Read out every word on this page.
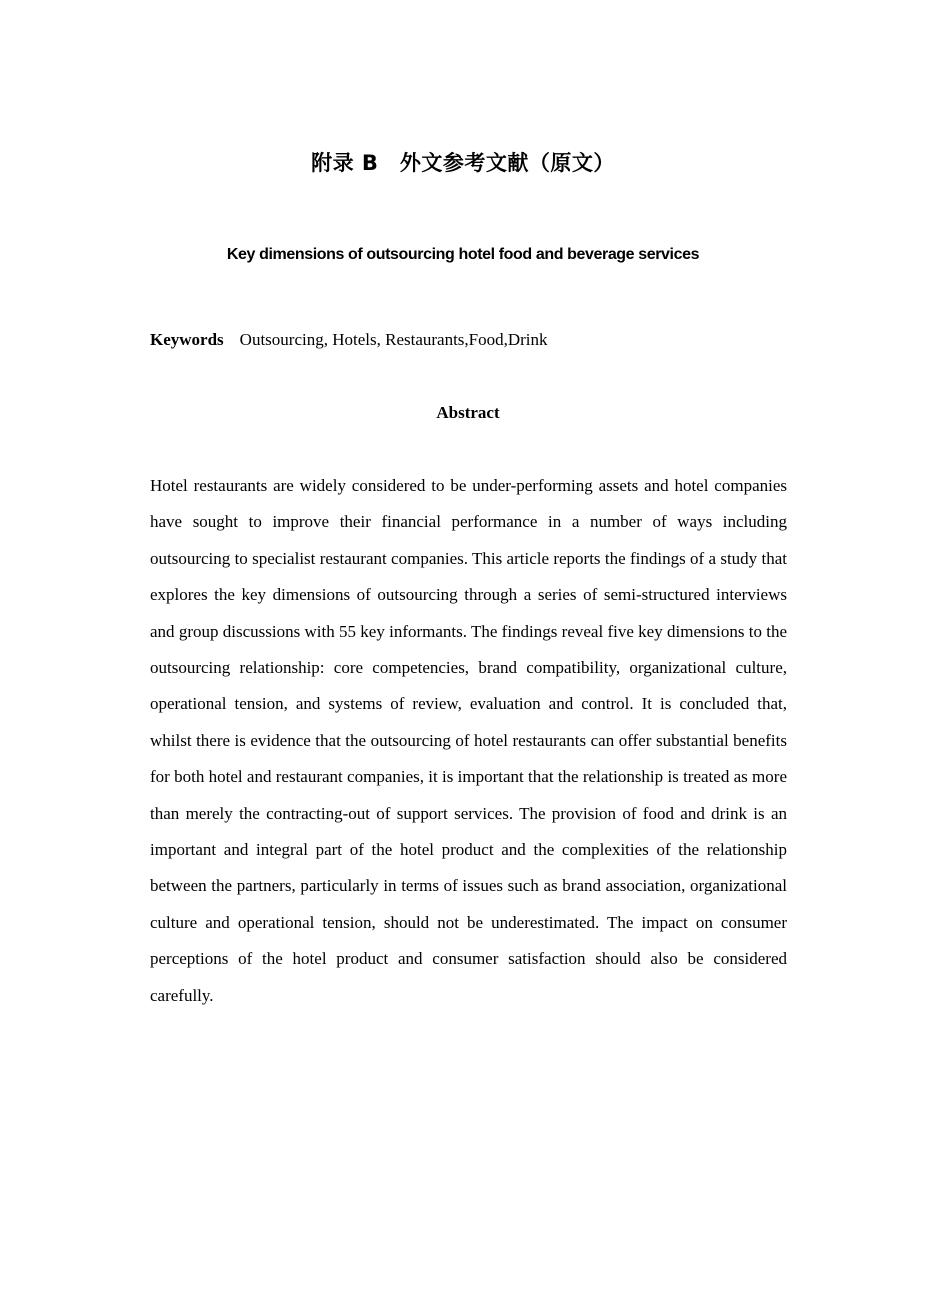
附录 B　外文参考文献（原文）
Key dimensions of outsourcing hotel food and beverage services
Keywords Outsourcing, Hotels, Restaurants,Food,Drink
Abstract

Hotel restaurants are widely considered to be under-performing assets and hotel companies have sought to improve their financial performance in a number of ways including outsourcing to specialist restaurant companies. This article reports the findings of a study that explores the key dimensions of outsourcing through a series of semi-structured interviews and group discussions with 55 key informants. The findings reveal five key dimensions to the outsourcing relationship: core competencies, brand compatibility, organizational culture, operational tension, and systems of review, evaluation and control. It is concluded that, whilst there is evidence that the outsourcing of hotel restaurants can offer substantial benefits for both hotel and restaurant companies, it is important that the relationship is treated as more than merely the contracting-out of support services. The provision of food and drink is an important and integral part of the hotel product and the complexities of the relationship between the partners, particularly in terms of issues such as brand association, organizational culture and operational tension, should not be underestimated. The impact on consumer perceptions of the hotel product and consumer satisfaction should also be considered carefully.
